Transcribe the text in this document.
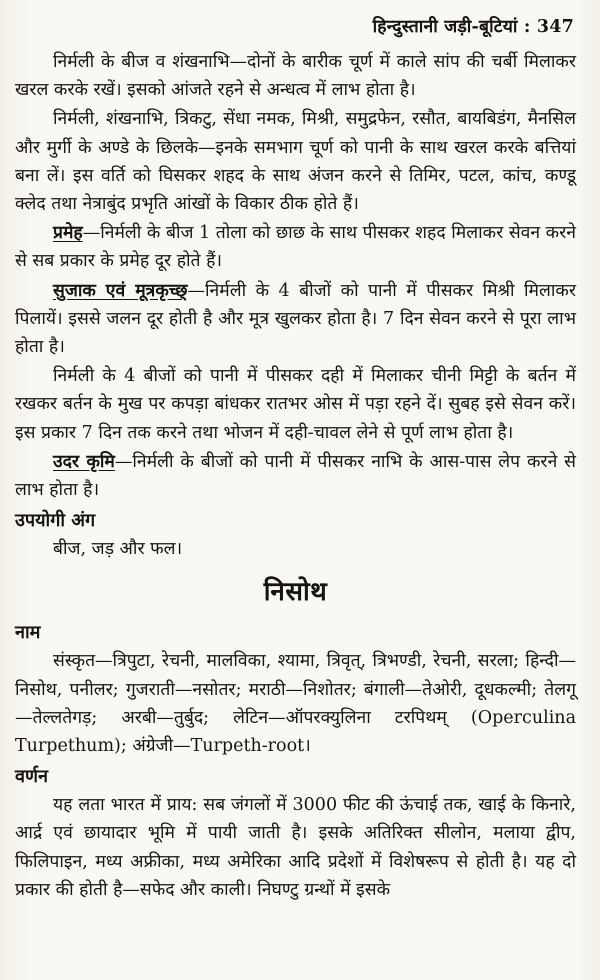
हिन्दुस्तानी जड़ी-बूटियां : 347

निर्मली के बीज व शंखनाभि—दोनों के बारीक चूर्ण में काले सांप की चर्बी मिलाकर खरल करके रखें। इसको आंजते रहने से अन्धत्व में लाभ होता है।

निर्मली, शंखनाभि, त्रिकटु, सेंधा नमक, मिश्री, समुद्रफेन, रसौत, बायबिडंग, मैनसिल और मुर्गी के अण्डे के छिलके—इनके समभाग चूर्ण को पानी के साथ खरल करके बत्तियां बना लें। इस वर्ति को घिसकर शहद के साथ अंजन करने से तिमिर, पटल, कांच, कण्डू क्लेद तथा नेत्राबुंद प्रभृति आंखों के विकार ठीक होते हैं।

प्रमेह—निर्मली के बीज 1 तोला को छाछ के साथ पीसकर शहद मिलाकर सेवन करने से सब प्रकार के प्रमेह दूर होते हैं।

सुजाक एवं मूत्रकृच्छ्—निर्मली के 4 बीजों को पानी में पीसकर मिश्री मिलाकर पिलायें। इससे जलन दूर होती है और मूत्र खुलकर होता है। 7 दिन सेवन करने से पूरा लाभ होता है।

निर्मली के 4 बीजों को पानी में पीसकर दही में मिलाकर चीनी मिट्टी के बर्तन में रखकर बर्तन के मुख पर कपड़ा बांधकर रातभर ओस में पड़ा रहने दें। सुबह इसे सेवन करें। इस प्रकार 7 दिन तक करने तथा भोजन में दही-चावल लेने से पूर्ण लाभ होता है।

उदर कृमि—निर्मली के बीजों को पानी में पीसकर नाभि के आस-पास लेप करने से लाभ होता है।

उपयोगी अंग

बीज, जड़ और फल।

निसोथ
नाम

संस्कृत—त्रिपुटा, रेचनी, मालविका, श्यामा, त्रिवृत्, त्रिभण्डी, रेचनी, सरला; हिन्दी—निसोथ, पनीलर; गुजराती—नसोतर; मराठी—निशोतर; बंगाली—तेओरी, दूधकल्मी; तेलगू—तेल्लतेगड़; अरबी—तुर्बुद; लेटिन—ऑपरक्युलिना टरपिथम् (Operculina Turpethum); अंग्रेजी—Turpeth-root।

वर्णन

यह लता भारत में प्राय: सब जंगलों में 3000 फीट की ऊंचाई तक, खाई के किनारे, आर्द्र एवं छायादार भूमि में पायी जाती है। इसके अतिरिक्त सीलोन, मलाया द्वीप, फिलिपाइन, मध्य अफ्रीका, मध्य अमेरिका आदि प्रदेशों में विशेषरूप से होती है। यह दो प्रकार की होती है—सफेद और काली। निघण्टु ग्रन्थों में इसके
